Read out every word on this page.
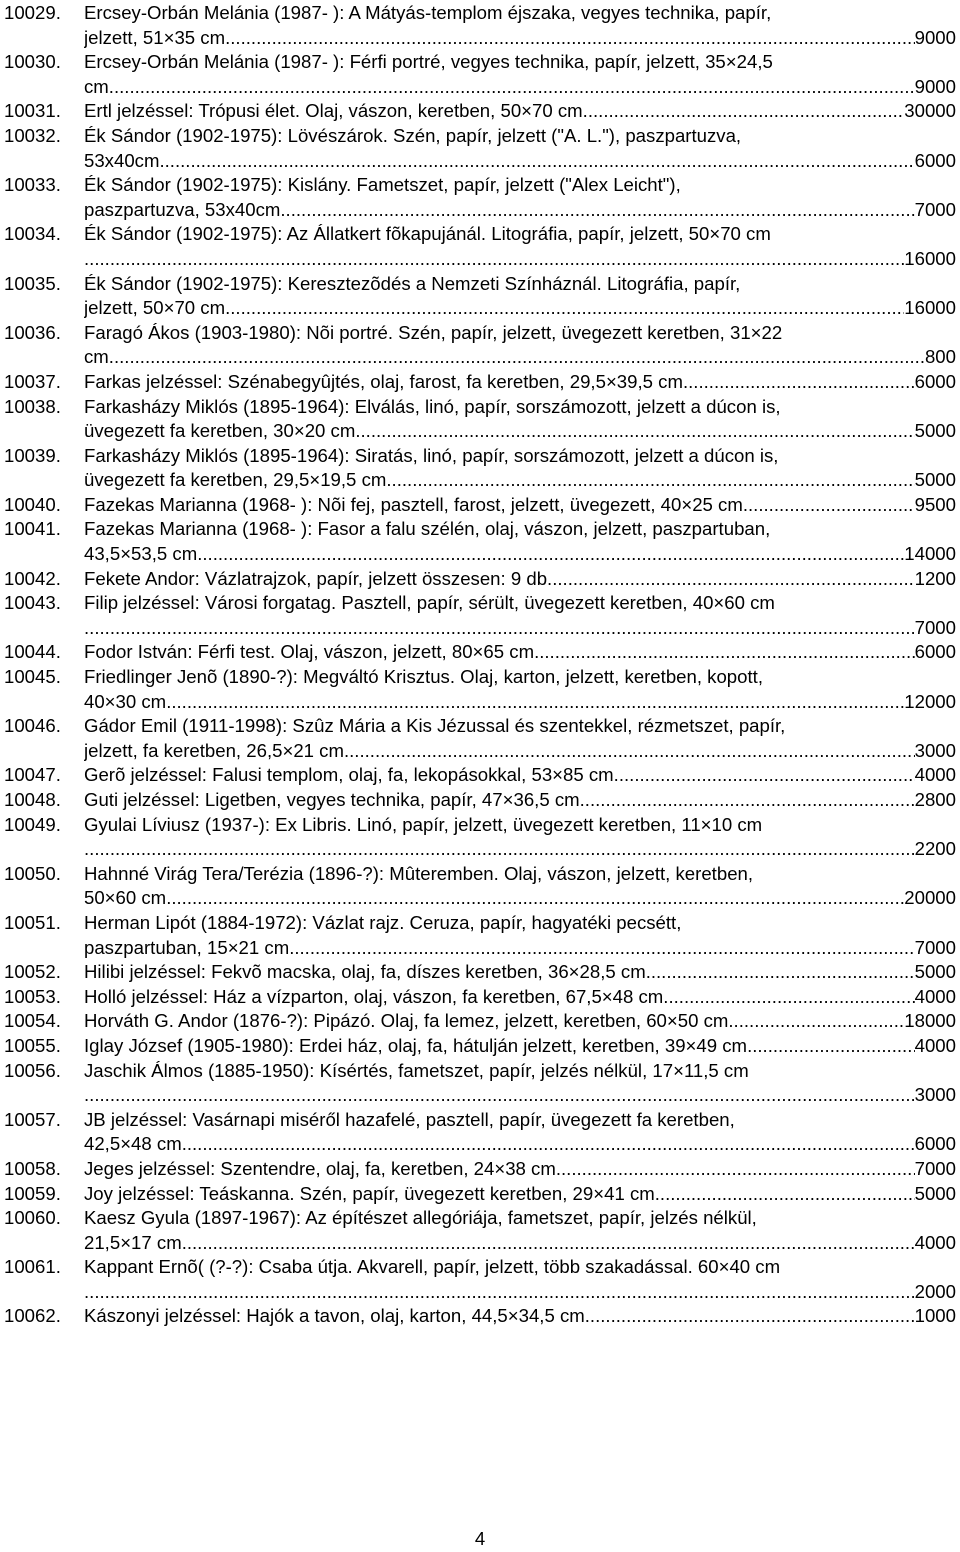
10029.	Ercsey-Orbán Melánia (1987- ): A Mátyás-templom éjszaka, vegyes technika, papír,
jelzett, 51×35 cm .....	9000
10030.	Ercsey-Orbán Melánia (1987- ): Férfi portré, vegyes technika, papír, jelzett, 35×24,5
cm .....	9000
10031.	Ertl jelzéssel: Trópusi élet. Olaj, vászon, keretben, 50×70 cm .....	30000
10032.	Ék Sándor (1902-1975): Lövészárok. Szén, papír, jelzett ("A. L."), paszpartuzva,
53x40cm .....	6000
10033.	Ék Sándor (1902-1975): Kislány. Fametszet, papír, jelzett ("Alex Leicht"),
paszpartuzva, 53x40cm .....	7000
10034.	Ék Sándor (1902-1975): Az Állatkert fõkapujánál. Litográfia, papír, jelzett, 50×70 cm
.....
16000
10035.	Ék Sándor (1902-1975): Keresztezõdés a Nemzeti Színháznál. Litográfia, papír,
jelzett, 50×70 cm .....	16000
10036.	Faragó Ákos (1903-1980): Nõi portré. Szén, papír, jelzett, üvegezett keretben, 31×22
cm .....	800
10037.	Farkas jelzéssel: Szénabegyûjtés, olaj, farost, fa keretben, 29,5×39,5 cm .....	6000
10038.	Farkasházy Miklós (1895-1964): Elválás, linó, papír, sorszámozott, jelzett a dúcon is,
üvegezett fa keretben, 30×20 cm .....	5000
10039.	Farkasházy Miklós (1895-1964): Siratás, linó, papír, sorszámozott, jelzett a dúcon is,
üvegezett fa keretben, 29,5×19,5 cm .....	5000
10040.	Fazekas Marianna (1968- ): Nõi fej, pasztell, farost, jelzett, üvegezett, 40×25 cm .....	9500
10041.	Fazekas Marianna (1968- ): Fasor a falu szélén, olaj, vászon, jelzett, paszpartuban,
43,5×53,5 cm .....	14000
10042.	Fekete Andor: Vázlatrajzok, papír, jelzett összesen: 9 db .....	1200
10043.	Filip jelzéssel: Városi forgatag. Pasztell, papír, sérült, üvegezett keretben, 40×60 cm
.....
7000
10044.	Fodor István: Férfi test. Olaj, vászon, jelzett, 80×65 cm .....	6000
10045.	Friedlinger Jenõ (1890-?): Megváltó Krisztus. Olaj, karton, jelzett, keretben, kopott,
40×30 cm .....	12000
10046.	Gádor Emil (1911-1998): Szûz Mária a Kis Jézussal és szentekkel, rézmetszet, papír,
jelzett, fa keretben, 26,5×21 cm .....	3000
10047.	Gerõ jelzéssel: Falusi templom, olaj, fa, lekopásokkal, 53×85 cm .....	4000
10048.	Guti jelzéssel: Ligetben, vegyes technika, papír, 47×36,5 cm .....	2800
10049.	Gyulai Líviusz (1937-): Ex Libris. Linó, papír, jelzett, üvegezett keretben, 11×10 cm
.....
2200
10050.	Hahnné Virág Tera/Terézia (1896-?): Mûteremben. Olaj, vászon, jelzett, keretben,
50×60 cm .....	20000
10051.	Herman Lipót (1884-1972): Vázlat rajz. Ceruza, papír, hagyatéki pecsétt,
paszpartuban, 15×21 cm .....	7000
10052.	Hilibi jelzéssel: Fekvõ macska, olaj, fa, díszes keretben, 36×28,5 cm .....	5000
10053.	Holló jelzéssel: Ház a vízparton, olaj, vászon, fa keretben, 67,5×48 cm .....	4000
10054.	Horváth G. Andor (1876-?): Pipázó. Olaj, fa lemez, jelzett, keretben, 60×50 cm .....	18000
10055.	Iglay József (1905-1980): Erdei ház, olaj, fa, hátulján jelzett, keretben, 39×49 cm .....	4000
10056.	Jaschik Álmos (1885-1950): Kísértés, fametszet, papír, jelzés nélkül, 17×11,5 cm
.....
3000
10057.	JB jelzéssel: Vasárnapi miséről hazafelé, pasztell, papír, üvegezett fa keretben,
42,5×48 cm .....	6000
10058.	Jeges jelzéssel: Szentendre, olaj, fa, keretben, 24×38 cm .....	7000
10059.	Joy jelzéssel: Teáskanna. Szén, papír, üvegezett keretben, 29×41 cm .....	5000
10060.	Kaesz Gyula (1897-1967): Az építészet allegóriája, fametszet, papír, jelzés nélkül,
21,5×17 cm .....	4000
10061.	Kappant Ernõ( (?-?): Csaba útja. Akvarell, papír, jelzett, több szakadással. 60×40 cm
.....
2000
10062.	Kászonyi jelzéssel: Hajók a tavon, olaj, karton, 44,5×34,5 cm .....	1000
4
